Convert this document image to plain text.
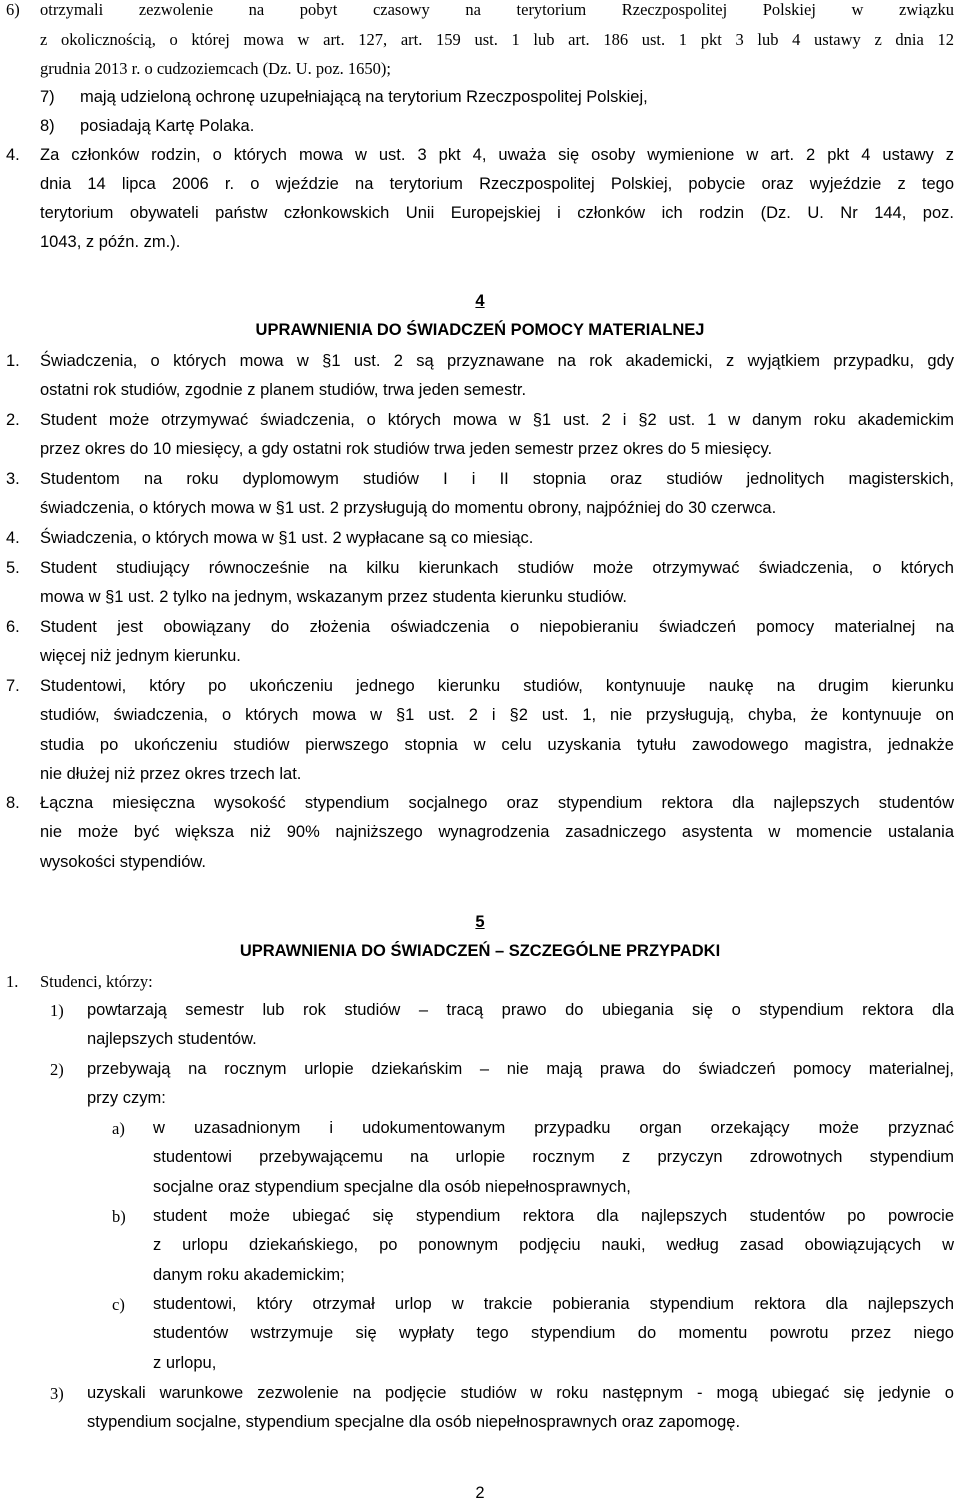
6) otrzymali zezwolenie na pobyt czasowy na terytorium Rzeczpospolitej Polskiej w związku
z okolicznością, o której mowa w art. 127, art. 159 ust. 1 lub art. 186 ust. 1 pkt 3 lub 4 ustawy z dnia 12
grudnia 2013 r. o cudzoziemcach (Dz. U. poz. 1650);
7) mają udzieloną ochronę uzupełniającą na terytorium Rzeczpospolitej Polskiej,
8) posiadają Kartę Polaka.
4. Za członków rodzin, o których mowa w ust. 3 pkt 4, uważa się osoby wymienione w art. 2 pkt 4 ustawy z
dnia 14 lipca 2006 r. o wjeździe na terytorium Rzeczpospolitej Polskiej, pobycie oraz wyjeździe z tego
terytorium obywateli państw członkowskich Unii Europejskiej i członków ich rodzin (Dz. U. Nr 144, poz.
1043, z późn. zm.).
4
UPRAWNIENIA DO ŚWIADCZEŃ POMOCY MATERIALNEJ
1. Świadczenia, o których mowa w §1 ust. 2 są przyznawane na rok akademicki, z wyjątkiem przypadku, gdy
ostatni rok studiów, zgodnie z planem studiów, trwa jeden semestr.
2. Student może otrzymywać świadczenia, o których mowa w §1 ust. 2 i §2 ust. 1 w danym roku akademickim
przez okres do 10 miesięcy, a gdy ostatni rok studiów trwa jeden semestr przez okres do 5 miesięcy.
3. Studentom na roku dyplomowym studiów I i II stopnia oraz studiów jednolitych magisterskich,
świadczenia, o których mowa w §1 ust. 2 przysługują do momentu obrony, najpóźniej do 30 czerwca.
4. Świadczenia, o których mowa w §1 ust. 2 wypłacane są co miesiąc.
5. Student studiujący równocześnie na kilku kierunkach studiów może otrzymywać świadczenia, o których
mowa w §1 ust. 2 tylko na jednym, wskazanym przez studenta kierunku studiów.
6. Student jest obowiązany do złożenia oświadczenia o niepobieraniu świadczeń pomocy materialnej na
więcej niż jednym kierunku.
7. Studentowi, który po ukończeniu jednego kierunku studiów, kontynuuje naukę na drugim kierunku
studiów, świadczenia, o których mowa w §1 ust. 2 i §2 ust. 1, nie przysługują, chyba, że kontynuuje on
studia po ukończeniu studiów pierwszego stopnia w celu uzyskania tytułu zawodowego magistra, jednakże
nie dłużej niż przez okres trzech lat.
8. Łączna miesięczna wysokość stypendium socjalnego oraz stypendium rektora dla najlepszych studentów
nie może być większa niż 90% najniższego wynagrodzenia zasadniczego asystenta w momencie ustalania
wysokości stypendiów.
5
UPRAWNIENIA DO ŚWIADCZEŃ – SZCZEGÓLNE PRZYPADKI
1. Studenci, którzy:
1) powtarzają semestr lub rok studiów – tracą prawo do ubiegania się o stypendium rektora dla
najlepszych studentów.
2) przebywają na rocznym urlopie dziekańskim – nie mają prawa do świadczeń pomocy materialnej,
przy czym:
a) w uzasadnionym i udokumentowanym przypadku organ orzekający może przyznać
studentowi przebywającemu na urlopie rocznym z przyczyn zdrowotnych stypendium
socjalne oraz stypendium specjalne dla osób niepełnosprawnych,
b) student może ubiegać się stypendium rektora dla najlepszych studentów po powrocie
z urlopu dziekańskiego, po ponownym podjęciu nauki, według zasad obowiązujących w
danym roku akademickim;
c) studentowi, który otrzymał urlop w trakcie pobierania stypendium rektora dla najlepszych
studentów wstrzymuje się wypłaty tego stypendium do momentu powrotu przez niego
z urlopu,
3) uzyskali warunkowe zezwolenie na podjęcie studiów w roku następnym - mogą ubiegać się jedynie o
stypendium socjalne, stypendium specjalne dla osób niepełnosprawnych oraz zapomogę.
2
